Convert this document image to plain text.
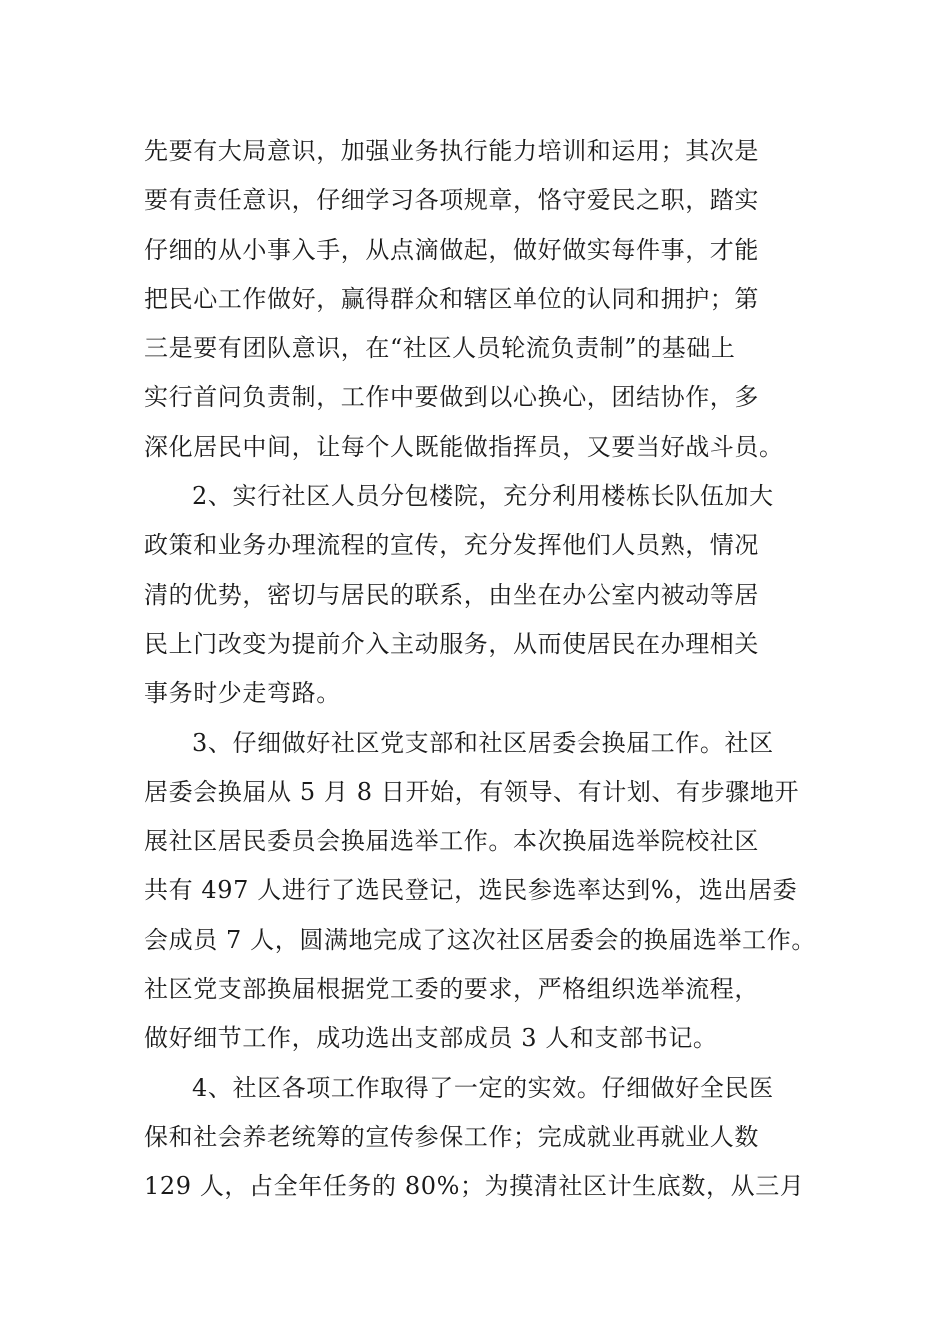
先要有大局意识，加强业务执行能力培训和运用；其次是
要有责任意识，仔细学习各项规章，恪守爱民之职，踏实
仔细的从小事入手，从点滴做起，做好做实每件事，才能
把民心工作做好，赢得群众和辖区单位的认同和拥护；第
三是要有团队意识，在“社区人员轮流负责制”的基础上
实行首问负责制，工作中要做到以心换心，团结协作，多
深化居民中间，让每个人既能做指挥员，又要当好战斗员。
2、实行社区人员分包楼院，充分利用楼栋长队伍加大
政策和业务办理流程的宣传，充分发挥他们人员熟，情况
清的优势，密切与居民的联系，由坐在办公室内被动等居
民上门改变为提前介入主动服务，从而使居民在办理相关
事务时少走弯路。
3、仔细做好社区党支部和社区居委会换届工作。社区
居委会换届从 5 月 8 日开始，有领导、有计划、有步骤地开
展社区居民委员会换届选举工作。本次换届选举院校社区
共有 497 人进行了选民登记，选民参选率达到%，选出居委
会成员 7 人，圆满地完成了这次社区居委会的换届选举工作。
社区党支部换届根据党工委的要求，严格组织选举流程，
做好细节工作，成功选出支部成员 3 人和支部书记。
4、社区各项工作取得了一定的实效。仔细做好全民医
保和社会养老统筹的宣传参保工作；完成就业再就业人数
129 人，占全年任务的 80%；为摸清社区计生底数，从三月
